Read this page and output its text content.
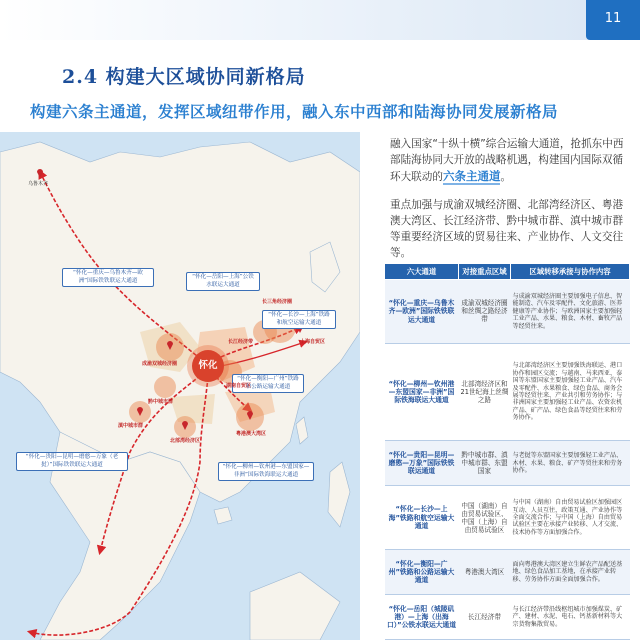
11
2.4 构建大区域协同新格局
构建六条主通道，发挥区域纽带作用，融入东中西部和陆海协同发展新格局
怀化
“怀化—重庆—乌鲁木齐—欧洲”国际铁铁联运大通道
“怀化—岳阳—上海”公铁水联运大通道
“怀化—长沙—上海”铁路和航空运输大通道
“怀化—衡阳—广州”铁路和公路运输大通道
“怀化—贵阳—昆明—磨憨—万象（老挝）”国际铁铁联运大通道	“怀化—柳州—钦州港—东盟国家—非洲”国际铁海联运大通道
乌鲁木齐
成渝双城经济圈
长江经济带
黔中城市群
滇中城市群
北部湾经济区
粤港澳大湾区
湖南自贸区
上海自贸区
长三角经济圈
融入国家“十纵十横”综合运输大通道，抢抓东中西部陆海协同大开放的战略机遇，构建国内国际双循环大联动的六条主通道。
重点加强与成渝双城经济圈、北部湾经济区、粤港澳大湾区、长江经济带、黔中城市群、滇中城市群等重要经济区域的贸易往来、产业协作、人文交往等。
六大通道	对接重点区域	区域转移承接与协作内容
“怀化—重庆—乌鲁木齐—欧洲”国际铁铁联运大通道	成渝双城经济圈和丝绸之路经济带	与成渝双城经济圈主要加强电子信息、智能制造、汽车及零配件、文化旅游、医养健康等产业协作；与欧洲国家主要加强轻工业产品、水果、粮食、木材、畜牧产品等经贸往来。
“怀化—柳州—钦州港—东盟国家—非洲”国际铁海联运大通道	北部湾经济区和21世纪海上丝绸之路	与北部湾经济区主要加强铁海联运、港口协作和园区交流；与越南、马来西亚、泰国等东盟国家主要加强轻工业产品、汽车及零配件、水果粮食、绿色食品、商务会展等经贸往来、产业共引和劳务协作；与非洲国家主要加强轻工业产品、农资农机产品、矿产品、绿色食品等经贸往来和劳务协作。
“怀化—贵阳—昆明—磨憨—万象”国际铁铁联运通道	黔中城市群、滇中城市群、东盟国家	与老挝等东盟国家主要加强轻工业产品、木材、水果、粮食、矿产等贸往来和劳务协作。
“怀化—长沙—上海”铁路和航空运输大通道	中国（湖南）自由贸易试验区、中国（上海）自由贸易试验区	与中国（湖南）自由贸易试验区加强园区互动、人员互往，政策互通、产业协作等全面交流合作；与中国（上海）自由贸易试验区主要在承接产业转移、人才交流、技术协作等方面加强合作。
“怀化—衡阳—广州”铁路和公路运输大通道	粤港澳大湾区	面向粤港澳大湾区建立生鲜农产品配送基地、绿色食品加工基地，在承接产业转移、劳务协作方面全面加强合作。
“怀化—岳阳（城陵矶港）—上海（出海口）”公铁水联运大通道	长江经济带	与长江经济带沿线枢纽城市加强煤炭、矿产、建材、水泥、电石、钙基新材料等大宗货物集散贸易。
